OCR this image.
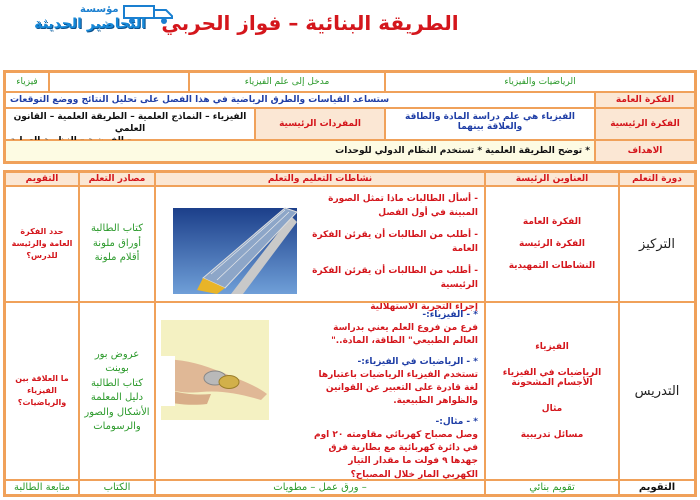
مؤسسة
التحاضير الحديثة الطريقة البنائية – فواز الحربي
الرياضيات والفيزياء
مدخل إلى علم الفيزياء
فيزياء
الفكرة العامة
ستساعد القياسات والطرق الرياضية في هذا الفصل على تحليل النتائج ووضع التوقعات
الفكرة الرئيسية
الفيزياء هي علم دراسة المادة والطاقة والعلاقة بينهما
المفردات الرئيسية
الفيزياء – النماذج العلمية – الطريقة العلمية – القانون العلمي
الاهداف
* توضح الطريقة العلمية * تستخدم النظام الدولي للوحدات
دورة التعلم
العناوين الرئيسة
نشاطات التعليم والتعلم
مصادر التعلم
التقويم
التركيز
الفكرة العامة
الفكرة الرئيسة
النشاطات التمهيدية

- أسأل الطالبات ماذا تمثل الصورة المبينة في أول الفصل

- أطلب من الطالبات أن يقرئن الفكرة العامة

- أطلب من الطالبات أن يقرئن الفكرة الرئيسية

إجراء التجربة الاستهلالية

كتاب الطالبة
أوراق ملونة
أقلام ملونة
حدد الفكرة العامة والرئيسة للدرس؟
التدريس
الفيزياء
الرياضيات في الفيزياء الأجسام المشحونة
مثال
مسائل تدريبية

* - الفيزياء:-
فرع من فروع العلم يعني بدراسة العالم الطبيعي" الطاقة، المادة.."

* - الرياضيات في الفيزياء:-
تستخدم الفيزياء الرياضيات باعتبارها لغة قادرة على التعبير عن القوانين والظواهر الطبيعية.

* - مثال:-
وصل مصباح كهربائي مقاومته ٢٠ اوم في دائرة كهربائية مع بطارية فرق جهدها ٩ فولت ما مقدار التيار الكهربي المار خلال المصباح؟

عروض بور
بوينت
كتاب الطالبة
دليل المعلمة
الأشكال والصور
والرسومات
ما العلاقة بين الفيزياء والرياضيات؟
التقويم
تقويم بنائي
– ورق عمل – مطويات
الكتاب
متابعة الطالبة
